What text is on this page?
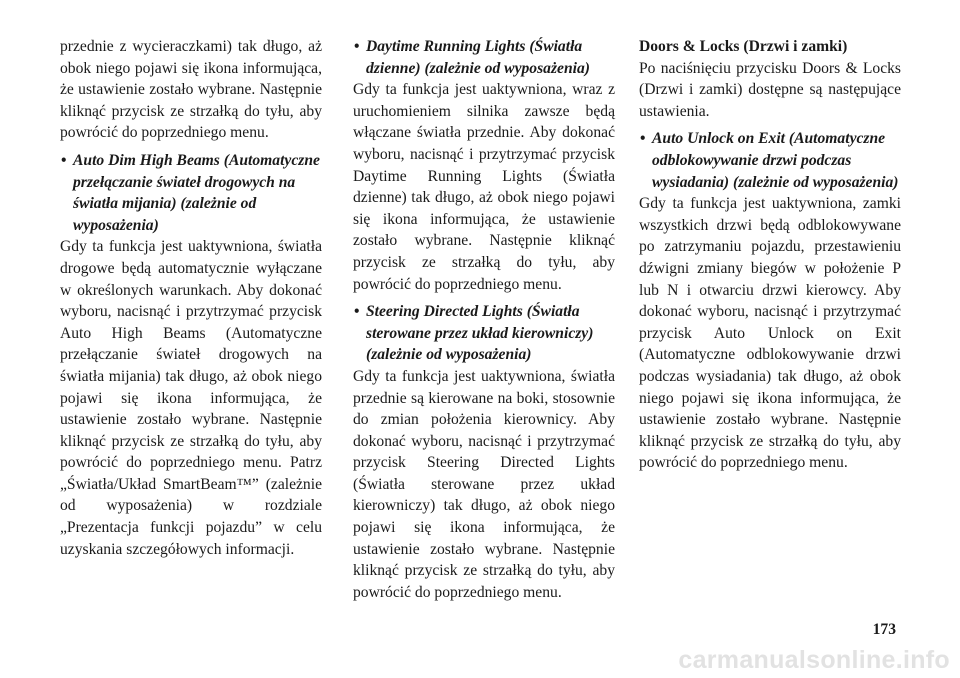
przednie z wycieraczkami) tak długo, aż obok niego pojawi się ikona informująca, że ustawienie zostało wybrane. Następnie kliknąć przycisk ze strzałką do tyłu, aby powrócić do poprzedniego menu.

• Auto Dim High Beams (Automatyczne przełączanie świateł drogowych na światła mijania) (zależnie od wyposażenia)

Gdy ta funkcja jest uaktywniona, światła drogowe będą automatycznie wyłączane w określonych warunkach. Aby dokonać wyboru, nacisnąć i przytrzymać przycisk Auto High Beams (Automatyczne przełączanie świateł drogowych na światła mijania) tak długo, aż obok niego pojawi się ikona informująca, że ustawienie zostało wybrane. Następnie kliknąć przycisk ze strzałką do tyłu, aby powrócić do poprzedniego menu. Patrz „Światła/Układ SmartBeam™” (zależnie od wyposażenia) w rozdziale „Prezentacja funkcji pojazdu” w celu uzyskania szczegółowych informacji.

• Daytime Running Lights (Światła dzienne) (zależnie od wyposażenia)

Gdy ta funkcja jest uaktywniona, wraz z uruchomieniem silnika zawsze będą włączane światła przednie. Aby dokonać wyboru, nacisnąć i przytrzymać przycisk Daytime Running Lights (Światła dzienne) tak długo, aż obok niego pojawi się ikona informująca, że ustawienie zostało wybrane. Następnie kliknąć przycisk ze strzałką do tyłu, aby powrócić do poprzedniego menu.

• Steering Directed Lights (Światła sterowane przez układ kierowniczy) (zależnie od wyposażenia)

Gdy ta funkcja jest uaktywniona, światła przednie są kierowane na boki, stosownie do zmian położenia kierownicy. Aby dokonać wyboru, nacisnąć i przytrzymać przycisk Steering Directed Lights (Światła sterowane przez układ kierowniczy) tak długo, aż obok niego pojawi się ikona informująca, że ustawienie zostało wybrane. Następnie kliknąć przycisk ze strzałką do tyłu, aby powrócić do poprzedniego menu.

Doors & Locks (Drzwi i zamki)

Po naciśnięciu przycisku Doors & Locks (Drzwi i zamki) dostępne są następujące ustawienia.

• Auto Unlock on Exit (Automatyczne odblokowywanie drzwi podczas wysiadania) (zależnie od wyposażenia)

Gdy ta funkcja jest uaktywniona, zamki wszystkich drzwi będą odblokowywane po zatrzymaniu pojazdu, przestawieniu dźwigni zmiany biegów w położenie P lub N i otwarciu drzwi kierowcy. Aby dokonać wyboru, nacisnąć i przytrzymać przycisk Auto Unlock on Exit (Automatyczne odblokowywanie drzwi podczas wysiadania) tak długo, aż obok niego pojawi się ikona informująca, że ustawienie zostało wybrane. Następnie kliknąć przycisk ze strzałką do tyłu, aby powrócić do poprzedniego menu.

173
carmanualsonline.info
